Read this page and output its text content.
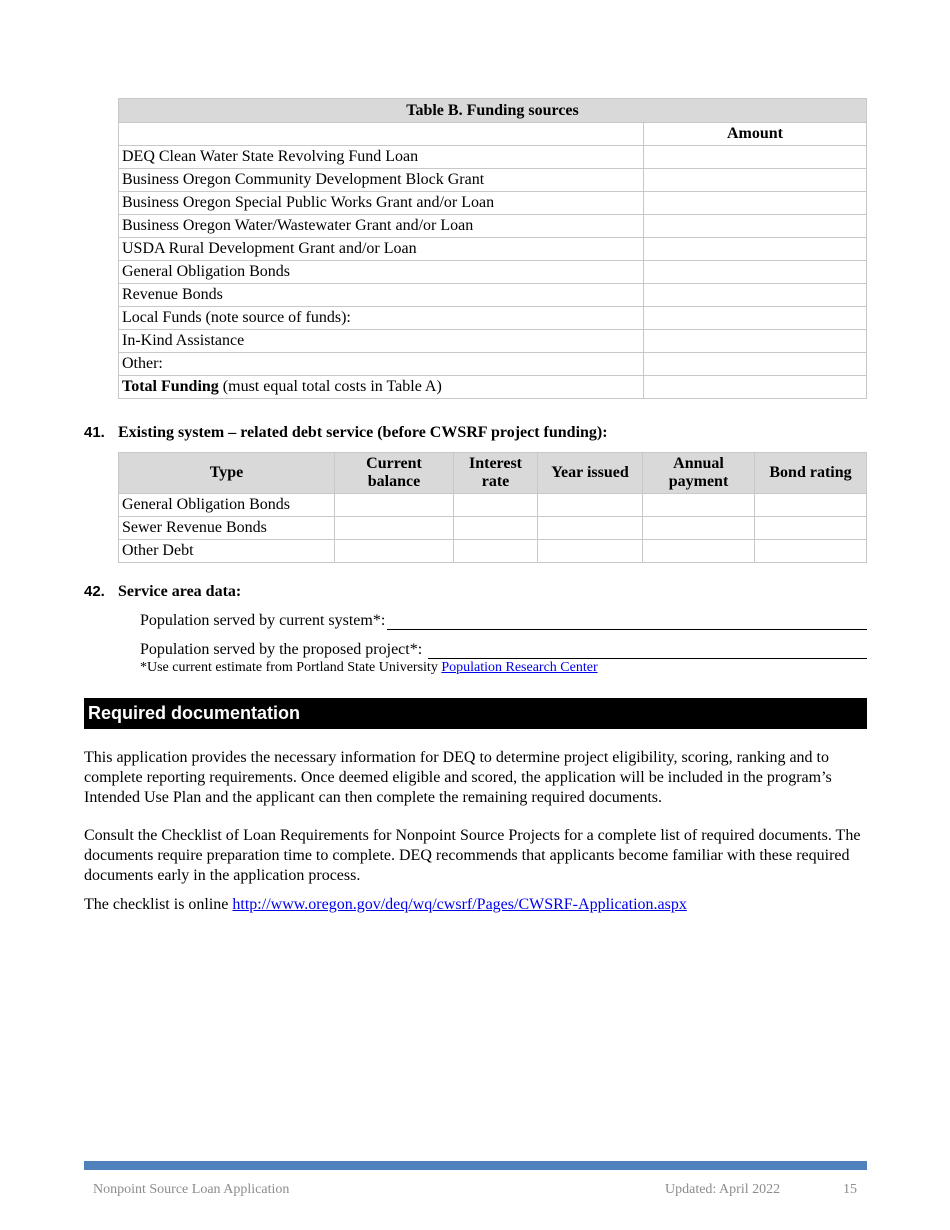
Table B. Funding sources	
	Amount
DEQ Clean Water State Revolving Fund Loan	
Business Oregon Community Development Block Grant	
Business Oregon Special Public Works Grant and/or Loan	
Business Oregon Water/Wastewater Grant and/or Loan	
USDA Rural Development Grant and/or Loan	
General Obligation Bonds	
Revenue Bonds	
Local Funds (note source of funds):	
In-Kind Assistance	
Other:	
Total Funding (must equal total costs in Table A)	
41. Existing system – related debt service (before CWSRF project funding):
Type	Current balance	Interest rate	Year issued	Annual payment	Bond rating
General Obligation Bonds					
Sewer Revenue Bonds					
Other Debt					
42. Service area data:
Population served by current system*:
Population served by the proposed project*:
*Use current estimate from Portland State University Population Research Center
Required documentation

This application provides the necessary information for DEQ to determine project eligibility, scoring, ranking and to complete reporting requirements. Once deemed eligible and scored, the application will be included in the program’s Intended Use Plan and the applicant can then complete the remaining required documents.

Consult the Checklist of Loan Requirements for Nonpoint Source Projects for a complete list of required documents. The documents require preparation time to complete. DEQ recommends that applicants become familiar with these required documents early in the application process.

The checklist is online http://www.oregon.gov/deq/wq/cwsrf/Pages/CWSRF-Application.aspx

Nonpoint Source Loan Application	Updated: April 2022	15
